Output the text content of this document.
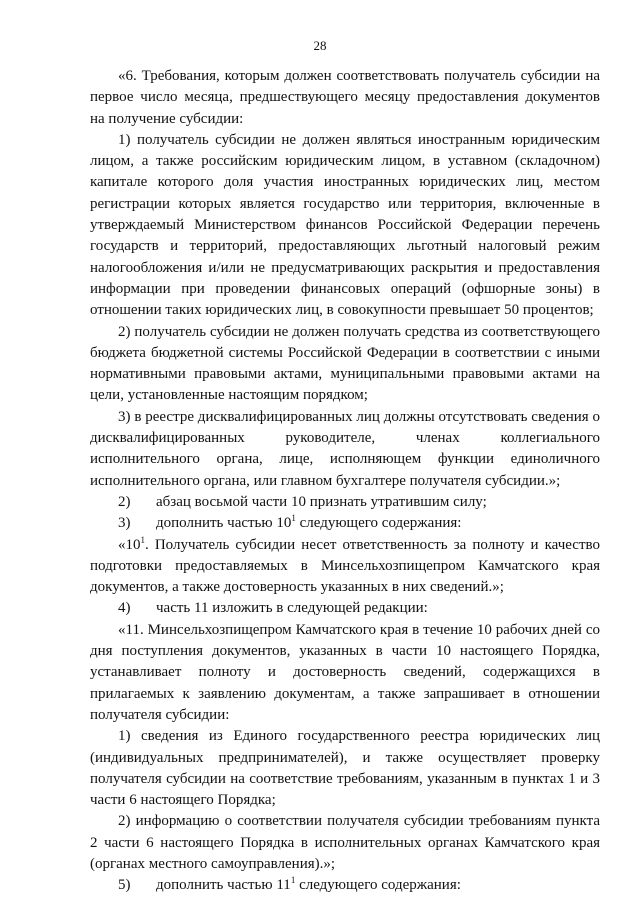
28

«6. Требования, которым должен соответствовать получатель субсидии на первое число месяца, предшествующего месяцу предоставления документов на получение субсидии:

1) получатель субсидии не должен являться иностранным юридическим лицом, а также российским юридическим лицом, в уставном (складочном) капитале которого доля участия иностранных юридических лиц, местом регистрации которых является государство или территория, включенные в утверждаемый Министерством финансов Российской Федерации перечень государств и территорий, предоставляющих льготный налоговый режим налогообложения и/или не предусматривающих раскрытия и предоставления информации при проведении финансовых операций (офшорные зоны) в отношении таких юридических лиц, в совокупности превышает 50 процентов;

2) получатель субсидии не должен получать средства из соответствующего бюджета бюджетной системы Российской Федерации в соответствии с иными нормативными правовыми актами, муниципальными правовыми актами на цели, установленные настоящим порядком;

3) в реестре дисквалифицированных лиц должны отсутствовать сведения о дисквалифицированных руководителе, членах коллегиального исполнительного органа, лице, исполняющем функции единоличного исполнительного органа, или главном бухгалтере получателя субсидии.»;

2) абзац восьмой части 10 признать утратившим силу;

3) дополнить частью $10^1$ следующего содержания:

«$10^1$. Получатель субсидии несет ответственность за полноту и качество подготовки предоставляемых в Минсельхозпищепром Камчатского края документов, а также достоверность указанных в них сведений.»;

4) часть 11 изложить в следующей редакции:

«11. Минсельхозпищепром Камчатского края в течение 10 рабочих дней со дня поступления документов, указанных в части 10 настоящего Порядка, устанавливает полноту и достоверность сведений, содержащихся в прилагаемых к заявлению документам, а также запрашивает в отношении получателя субсидии:

1) сведения из Единого государственного реестра юридических лиц (индивидуальных предпринимателей), и также осуществляет проверку получателя субсидии на соответствие требованиям, указанным в пунктах 1 и 3 части 6 настоящего Порядка;

2) информацию о соответствии получателя субсидии требованиям пункта 2 части 6 настоящего Порядка в исполнительных органах Камчатского края (органах местного самоуправления).»;

5) дополнить частью $11^1$ следующего содержания:
